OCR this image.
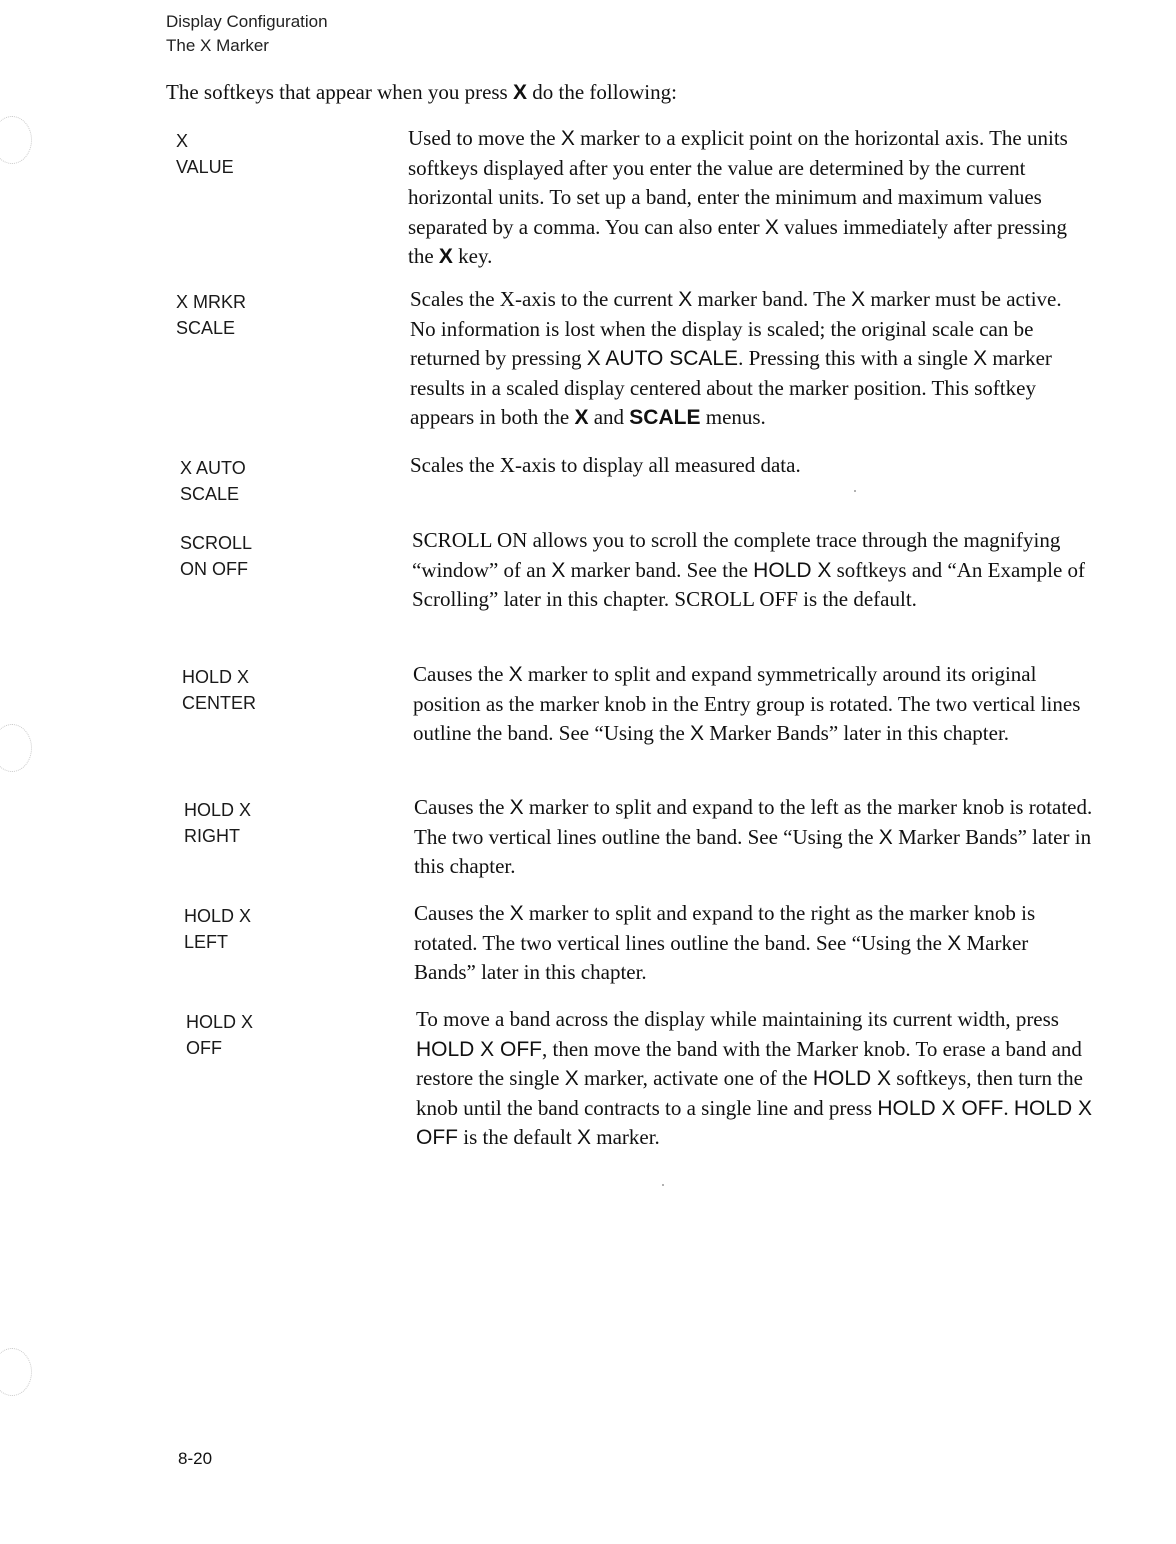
Display Configuration
The X Marker
The softkeys that appear when you press X do the following:
X
VALUE
Used to move the X marker to a explicit point on the horizontal axis. The units softkeys displayed after you enter the value are determined by the current horizontal units. To set up a band, enter the minimum and maximum values separated by a comma. You can also enter X values immediately after pressing the X key.
X MRKR
SCALE
Scales the X-axis to the current X marker band. The X marker must be active. No information is lost when the display is scaled; the original scale can be returned by pressing X AUTO SCALE. Pressing this with a single X marker results in a scaled display centered about the marker position. This softkey appears in both the X and SCALE menus.
X AUTO
SCALE
Scales the X-axis to display all measured data.
SCROLL
ON OFF
SCROLL ON allows you to scroll the complete trace through the magnifying “window” of an X marker band. See the HOLD X softkeys and “An Example of Scrolling” later in this chapter. SCROLL OFF is the default.
HOLD X
CENTER
Causes the X marker to split and expand symmetrically around its original position as the marker knob in the Entry group is rotated. The two vertical lines outline the band. See “Using the X Marker Bands” later in this chapter.
HOLD X
RIGHT
Causes the X marker to split and expand to the left as the marker knob is rotated. The two vertical lines outline the band. See “Using the X Marker Bands” later in this chapter.
HOLD X
LEFT
Causes the X marker to split and expand to the right as the marker knob is rotated. The two vertical lines outline the band. See “Using the X Marker Bands” later in this chapter.
HOLD X
OFF
To move a band across the display while maintaining its current width, press HOLD X OFF, then move the band with the Marker knob. To erase a band and restore the single X marker, activate one of the HOLD X softkeys, then turn the knob until the band contracts to a single line and press HOLD X OFF. HOLD X OFF is the default X marker.
8-20
